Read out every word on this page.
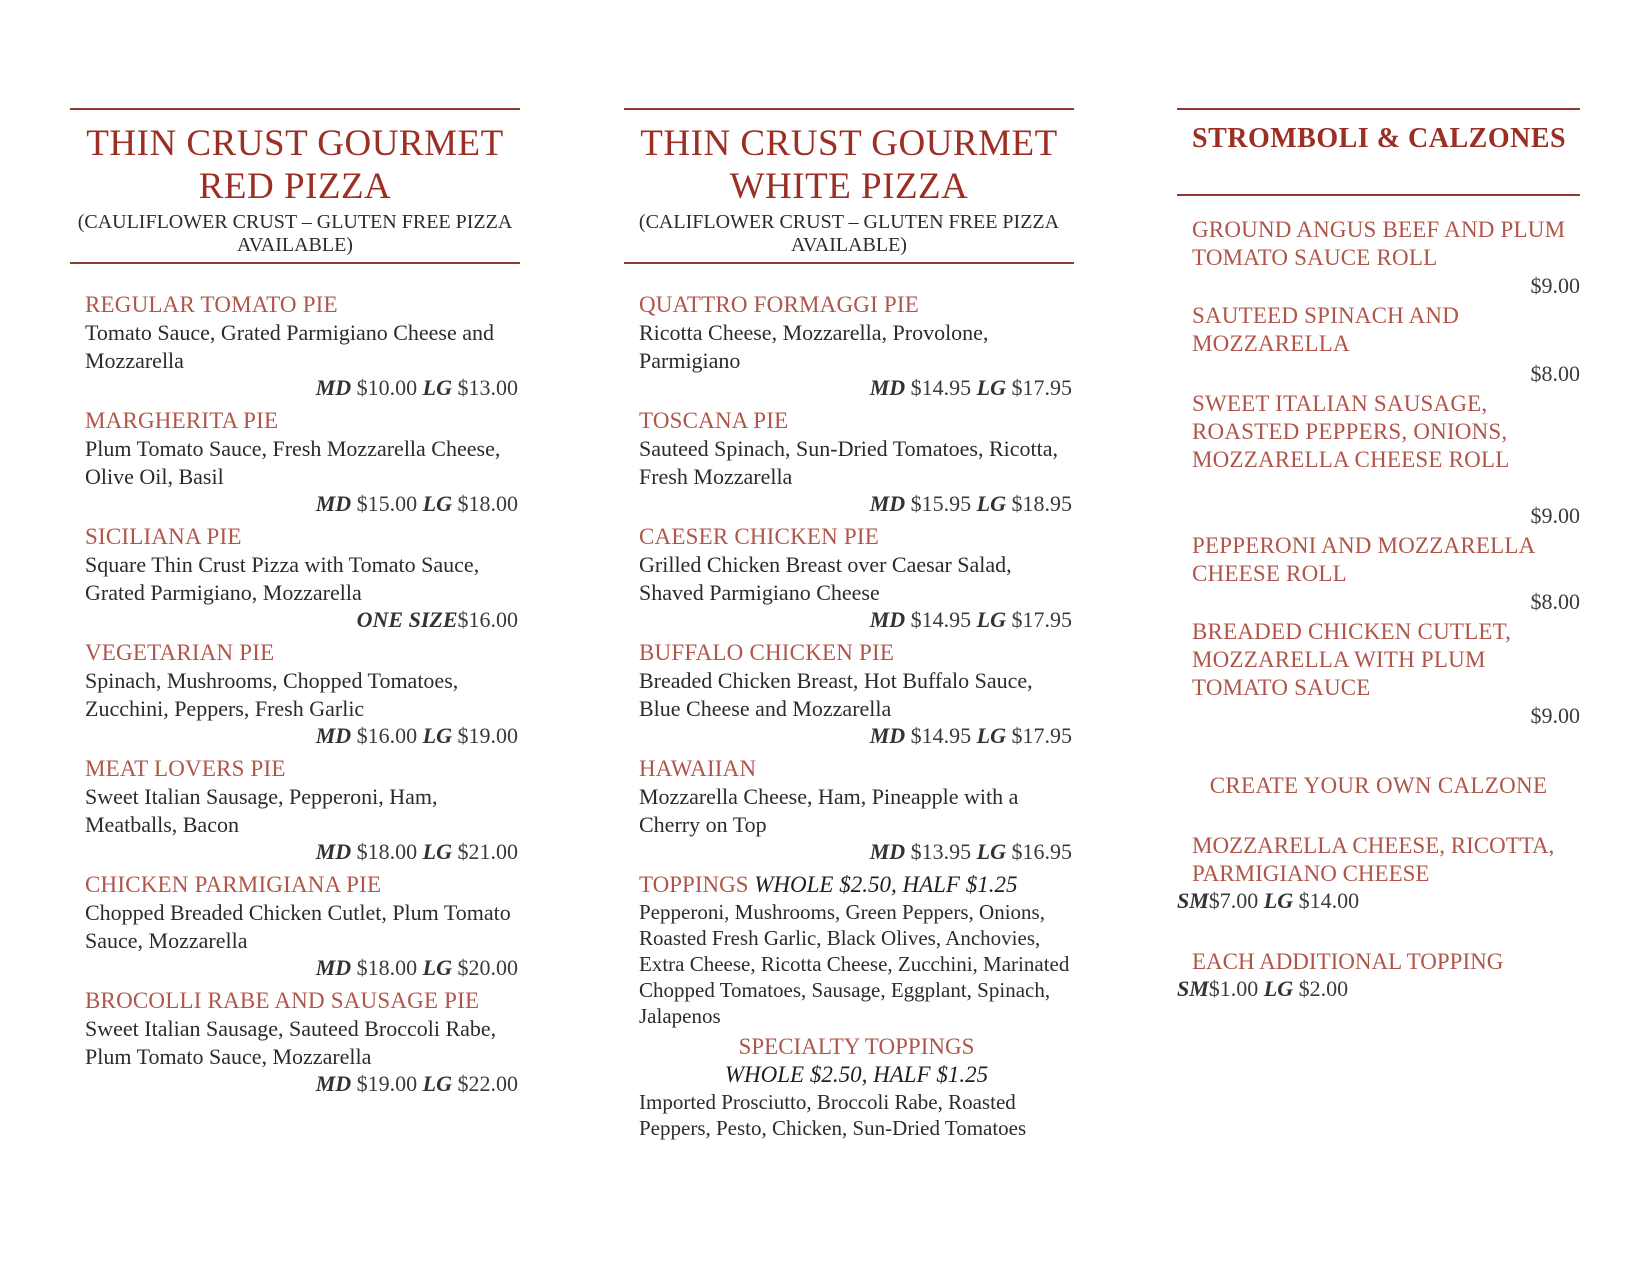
THIN CRUST GOURMET RED PIZZA
(CAULIFLOWER CRUST – GLUTEN FREE PIZZA AVAILABLE)
REGULAR TOMATO PIE
Tomato Sauce, Grated Parmigiano Cheese and Mozzarella
MD $10.00 LG $13.00
MARGHERITA PIE
Plum Tomato Sauce, Fresh Mozzarella Cheese, Olive Oil, Basil
MD $15.00 LG $18.00
SICILIANA PIE
Square Thin Crust Pizza with Tomato Sauce, Grated Parmigiano, Mozzarella
ONE SIZE$16.00
VEGETARIAN PIE
Spinach, Mushrooms, Chopped Tomatoes, Zucchini, Peppers, Fresh Garlic
MD $16.00 LG $19.00
MEAT LOVERS PIE
Sweet Italian Sausage, Pepperoni, Ham, Meatballs, Bacon
MD $18.00 LG $21.00
CHICKEN PARMIGIANA PIE
Chopped Breaded Chicken Cutlet, Plum Tomato Sauce, Mozzarella
MD $18.00 LG $20.00
BROCOLLI RABE AND SAUSAGE PIE
Sweet Italian Sausage, Sauteed Broccoli Rabe, Plum Tomato Sauce, Mozzarella
MD $19.00 LG $22.00
THIN CRUST GOURMET WHITE PIZZA
(CALIFLOWER CRUST – GLUTEN FREE PIZZA AVAILABLE)
QUATTRO FORMAGGI PIE
Ricotta Cheese, Mozzarella, Provolone, Parmigiano
MD $14.95 LG $17.95
TOSCANA PIE
Sauteed Spinach, Sun-Dried Tomatoes, Ricotta, Fresh Mozzarella
MD $15.95 LG $18.95
CAESER CHICKEN PIE
Grilled Chicken Breast over Caesar Salad, Shaved Parmigiano Cheese
MD $14.95 LG $17.95
BUFFALO CHICKEN PIE
Breaded Chicken Breast, Hot Buffalo Sauce, Blue Cheese and Mozzarella
MD $14.95 LG $17.95
HAWAIIAN
Mozzarella Cheese, Ham, Pineapple with a Cherry on Top
MD $13.95 LG $16.95
TOPPINGS WHOLE $2.50, HALF $1.25
Pepperoni, Mushrooms, Green Peppers, Onions, Roasted Fresh Garlic, Black Olives, Anchovies, Extra Cheese, Ricotta Cheese, Zucchini, Marinated Chopped Tomatoes, Sausage, Eggplant, Spinach, Jalapenos
SPECIALTY TOPPINGS
WHOLE $2.50, HALF $1.25
Imported Prosciutto, Broccoli Rabe, Roasted Peppers, Pesto, Chicken, Sun-Dried Tomatoes
STROMBOLI & CALZONES
GROUND ANGUS BEEF AND PLUM TOMATO SAUCE ROLL
$9.00
SAUTEED SPINACH AND MOZZARELLA
$8.00
SWEET ITALIAN SAUSAGE, ROASTED PEPPERS, ONIONS, MOZZARELLA CHEESE ROLL
$9.00
PEPPERONI AND MOZZARELLA CHEESE ROLL
$8.00
BREADED CHICKEN CUTLET, MOZZARELLA WITH PLUM TOMATO SAUCE
$9.00
CREATE YOUR OWN CALZONE
MOZZARELLA CHEESE, RICOTTA, PARMIGIANO CHEESE
SM$7.00 LG $14.00
EACH ADDITIONAL TOPPING
SM$1.00 LG $2.00
